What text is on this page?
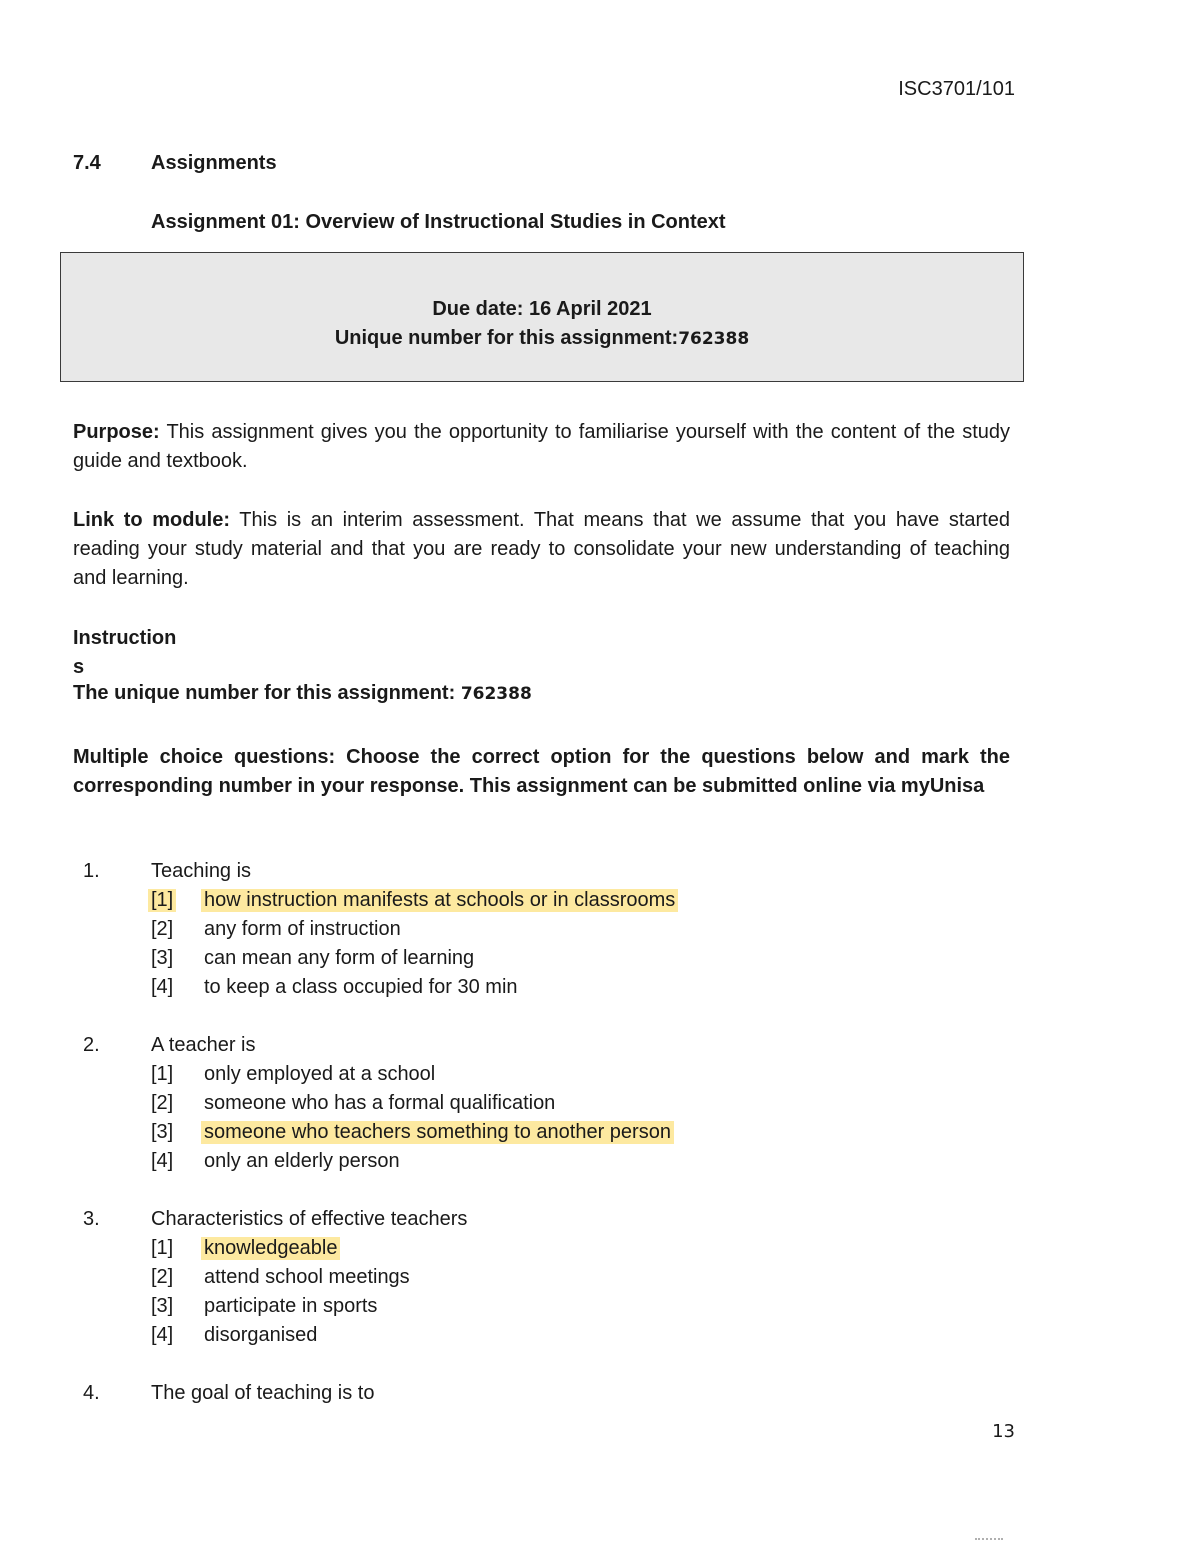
ISC3701/101
7.4	Assignments
Assignment 01: Overview of Instructional Studies in Context
Due date: 16 April 2021
Unique number for this assignment:762388
Purpose: This assignment gives you the opportunity to familiarise yourself with the content of the study guide and textbook.
Link to module: This is an interim assessment. That means that we assume that you have started reading your study material and that you are ready to consolidate your new understanding of teaching and learning.
Instruction
s
The unique number for this assignment: 762388
Multiple choice questions: Choose the correct option for the questions below and mark the corresponding number in your response. This assignment can be submitted online via myUnisa
1.	Teaching is
[1] how instruction manifests at schools or in classrooms
[2] any form of instruction
[3] can mean any form of learning
[4] to keep a class occupied for 30 min
2.	A teacher is
[1] only employed at a school
[2] someone who has a formal qualification
[3] someone who teachers something to another person
[4] only an elderly person
3.	Characteristics of effective teachers
[1] knowledgeable
[2] attend school meetings
[3] participate in sports
[4] disorganised
4.	The goal of teaching is to
13
